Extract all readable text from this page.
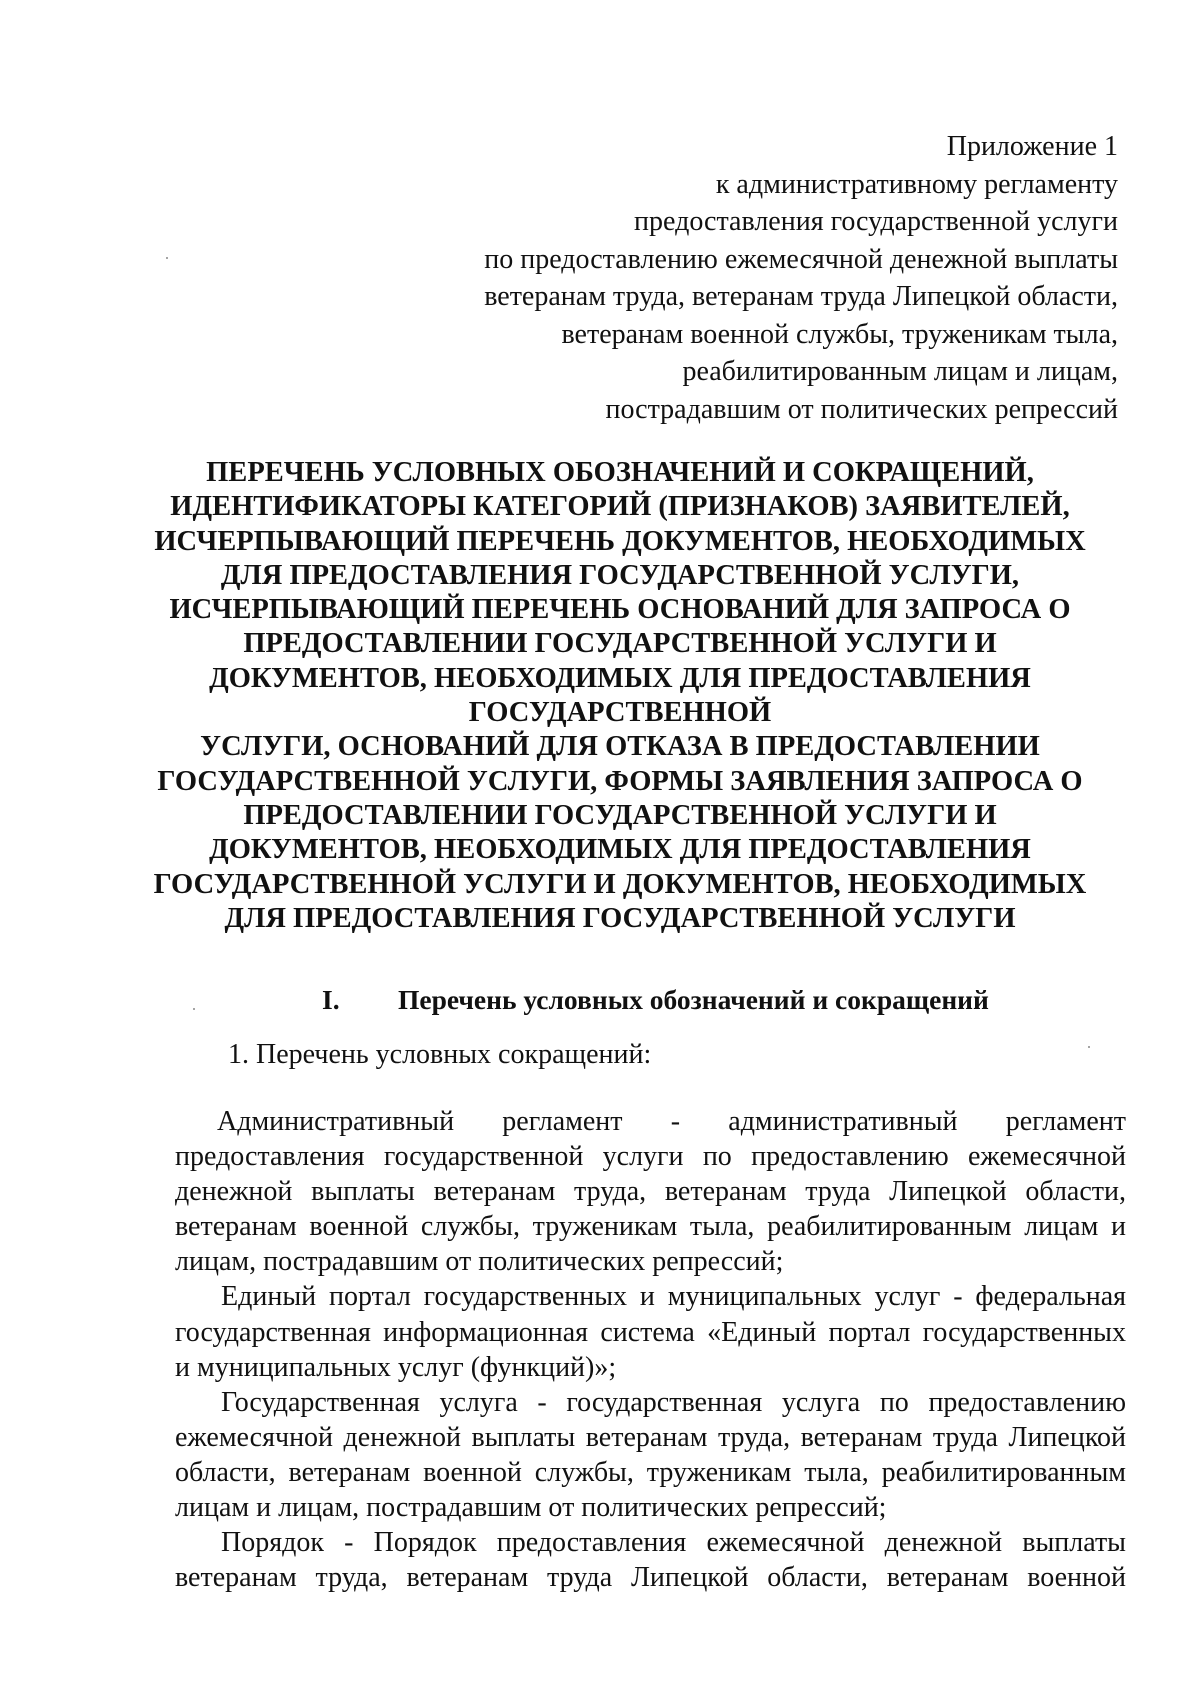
Приложение 1
к административному регламенту
предоставления государственной услуги
по предоставлению ежемесячной денежной выплаты
ветеранам труда, ветеранам труда Липецкой области,
ветеранам военной службы, труженикам тыла,
реабилитированным лицам и лицам,
пострадавшим от политических репрессий
ПЕРЕЧЕНЬ УСЛОВНЫХ ОБОЗНАЧЕНИЙ И СОКРАЩЕНИЙ,
ИДЕНТИФИКАТОРЫ КАТЕГОРИЙ (ПРИЗНАКОВ) ЗАЯВИТЕЛЕЙ,
ИСЧЕРПЫВАЮЩИЙ ПЕРЕЧЕНЬ ДОКУМЕНТОВ, НЕОБХОДИМЫХ
ДЛЯ ПРЕДОСТАВЛЕНИЯ ГОСУДАРСТВЕННОЙ УСЛУГИ,
ИСЧЕРПЫВАЮЩИЙ ПЕРЕЧЕНЬ ОСНОВАНИЙ ДЛЯ ЗАПРОСА О
ПРЕДОСТАВЛЕНИИ ГОСУДАРСТВЕННОЙ УСЛУГИ И
ДОКУМЕНТОВ, НЕОБХОДИМЫХ ДЛЯ ПРЕДОСТАВЛЕНИЯ
ГОСУДАРСТВЕННОЙ
УСЛУГИ, ОСНОВАНИЙ ДЛЯ ОТКАЗА В ПРЕДОСТАВЛЕНИИ
ГОСУДАРСТВЕННОЙ УСЛУГИ, ФОРМЫ ЗАЯВЛЕНИЯ ЗАПРОСА О
ПРЕДОСТАВЛЕНИИ ГОСУДАРСТВЕННОЙ УСЛУГИ И
ДОКУМЕНТОВ, НЕОБХОДИМЫХ ДЛЯ ПРЕДОСТАВЛЕНИЯ
ГОСУДАРСТВЕННОЙ УСЛУГИ И ДОКУМЕНТОВ, НЕОБХОДИМЫХ
ДЛЯ ПРЕДОСТАВЛЕНИЯ ГОСУДАРСТВЕННОЙ УСЛУГИ
I. Перечень условных обозначений и сокращений
1. Перечень условных сокращений:
Административный регламент - административный регламент
предоставления государственной услуги по предоставлению ежемесячной
денежной выплаты ветеранам труда, ветеранам труда Липецкой области,
ветеранам военной службы, труженикам тыла, реабилитированным лицам и
лицам, пострадавшим от политических репрессий;
Единый портал государственных и муниципальных услуг - федеральная
государственная информационная система «Единый портал государственных
и муниципальных услуг (функций)»;
Государственная услуга - государственная услуга по предоставлению
ежемесячной денежной выплаты ветеранам труда, ветеранам труда Липецкой
области, ветеранам военной службы, труженикам тыла, реабилитированным
лицам и лицам, пострадавшим от политических репрессий;
Порядок - Порядок предоставления ежемесячной денежной выплаты
ветеранам труда, ветеранам труда Липецкой области, ветеранам военной
